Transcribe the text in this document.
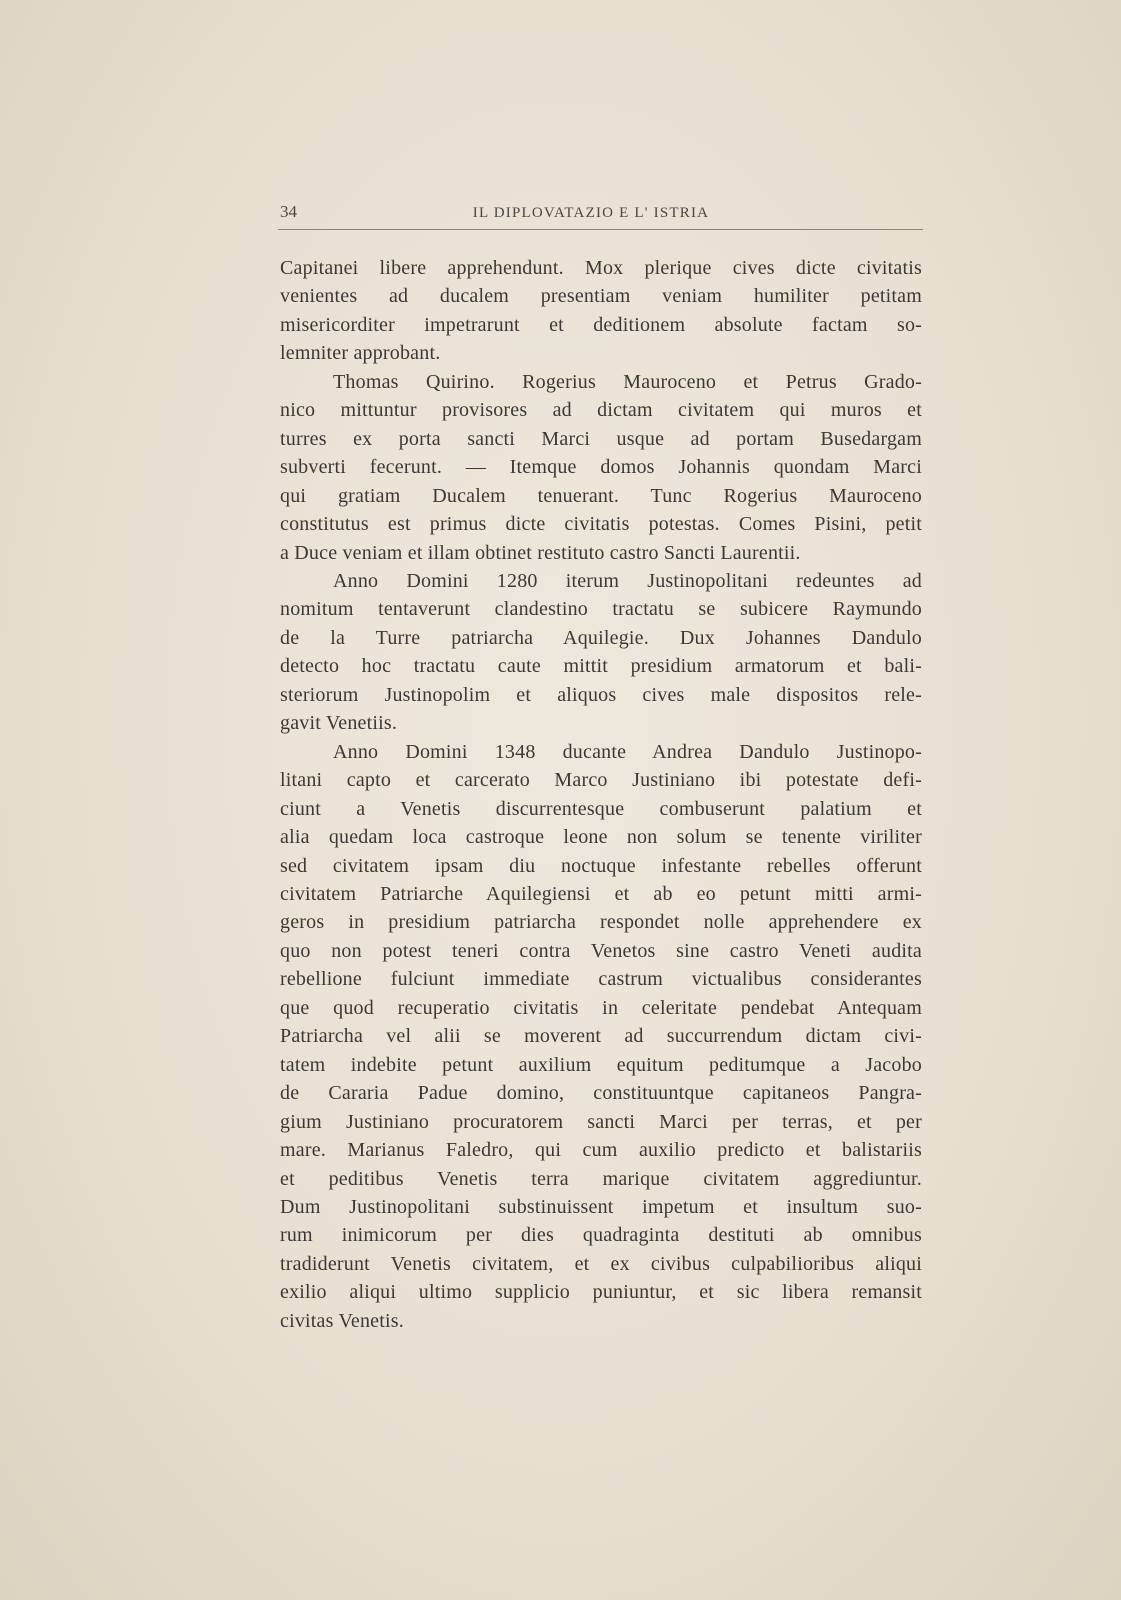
34	IL DIPLOVATAZIO E L' ISTRIA
Capitanei libere apprehendunt. Mox plerique cives dicte civitatis
venientes ad ducalem presentiam veniam humiliter petitam
misericorditer impetrarunt et deditionem absolute factam so-
lemniter approbant.
Thomas Quirino. Rogerius Mauroceno et Petrus Grado-
nico mittuntur provisores ad dictam civitatem qui muros et
turres ex porta sancti Marci usque ad portam Busedargam
subverti fecerunt. — Itemque domos Johannis quondam Marci
qui gratiam Ducalem tenuerant. Tunc Rogerius Mauroceno
constitutus est primus dicte civitatis potestas. Comes Pisini, petit
a Duce veniam et illam obtinet restituto castro Sancti Laurentii.
Anno Domini 1280 iterum Justinopolitani redeuntes ad
nomitum tentaverunt clandestino tractatu se subicere Raymundo
de la Turre patriarcha Aquilegie. Dux Johannes Dandulo
detecto hoc tractatu caute mittit presidium armatorum et bali-
steriorum Justinopolim et aliquos cives male dispositos rele-
gavit Venetiis.
Anno Domini 1348 ducante Andrea Dandulo Justinopo-
litani capto et carcerato Marco Justiniano ibi potestate defi-
ciunt a Venetis discurrentesque combuserunt palatium et
alia quedam loca castroque leone non solum se tenente viriliter
sed civitatem ipsam diu noctuque infestante rebelles offerunt
civitatem Patriarche Aquilegiensi et ab eo petunt mitti armi-
geros in presidium patriarcha respondet nolle apprehendere ex
quo non potest teneri contra Venetos sine castro Veneti audita
rebellione fulciunt immediate castrum victualibus considerantes
que quod recuperatio civitatis in celeritate pendebat Antequam
Patriarcha vel alii se moverent ad succurrendum dictam civi-
tatem indebite petunt auxilium equitum peditumque a Jacobo
de Cararia Padue domino, constituuntque capitaneos Pangra-
gium Justiniano procuratorem sancti Marci per terras, et per
mare. Marianus Faledro, qui cum auxilio predicto et balistariis
et peditibus Venetis terra marique civitatem aggrediuntur.
Dum Justinopolitani substinuissent impetum et insultum suo-
rum inimicorum per dies quadraginta destituti ab omnibus
tradiderunt Venetis civitatem, et ex civibus culpabilioribus aliqui
exilio aliqui ultimo supplicio puniuntur, et sic libera remansit
civitas Venetis.
